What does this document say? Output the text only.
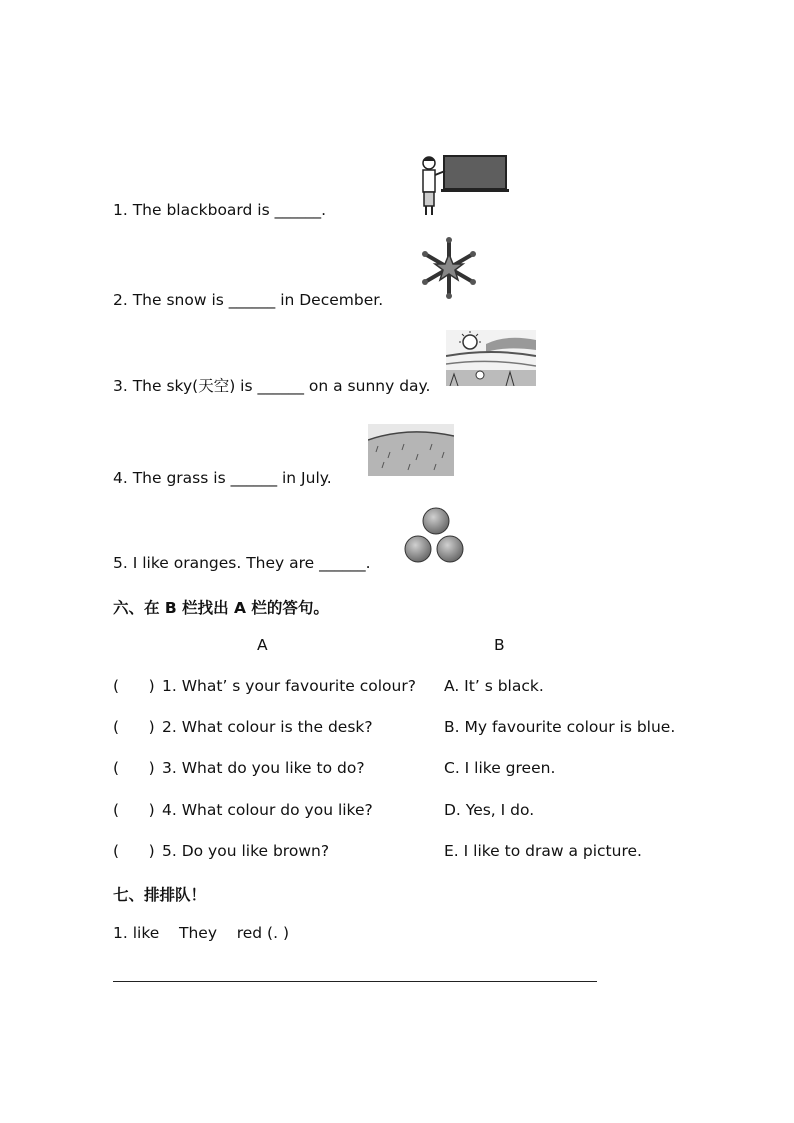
1. The blackboard is ______.
2. The snow is ______ in December.
3. The sky(天空) is ______ on a sunny day.
4. The grass is ______ in July.
5. I like oranges. They are ______.
六、在 B 栏找出 A 栏的答句。
A	B
(      ) 1. What’ s your favourite colour? A. It’ s black.
(      ) 2. What colour is the desk?	B. My favourite colour is blue.
(      ) 3. What do you like to do?	C. I like green.
(      ) 4. What colour do you like?	D. Yes, I do.
(      ) 5. Do you like brown?	E. I like to draw a picture.
七、排排队！
1. like    They    red (. )
